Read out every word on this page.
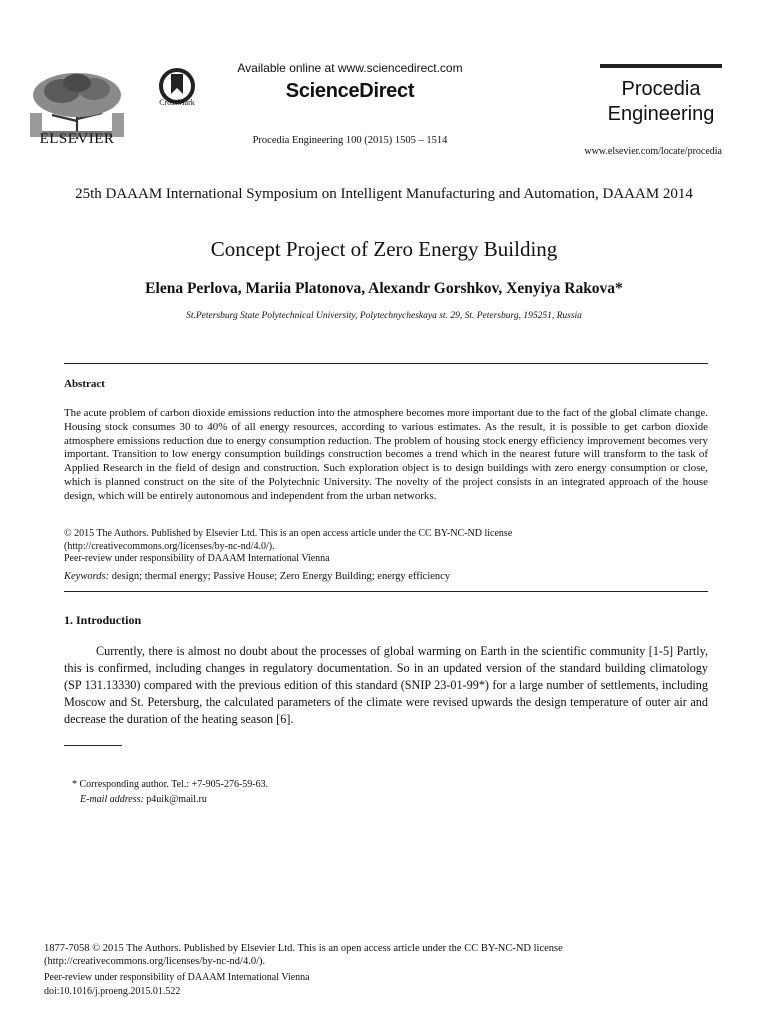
ELSEVIER
CrossMark
Available online at www.sciencedirect.com
ScienceDirect
Procedia Engineering 100 (2015) 1505 – 1514
Procedia
Engineering
www.elsevier.com/locate/procedia
25th DAAAM International Symposium on Intelligent Manufacturing and Automation, DAAAM 2014
Concept Project of Zero Energy Building
Elena Perlova, Mariia Platonova, Alexandr Gorshkov, Xenyiya Rakova*
St.Petersburg State Polytechnical University, Polytechnycheskaya st. 29, St. Petersburg, 195251, Russia
Abstract

The acute problem of carbon dioxide emissions reduction into the atmosphere becomes more important due to the fact of the global climate change. Housing stock consumes 30 to 40% of all energy resources, according to various estimates. As the result, it is possible to get carbon dioxide atmosphere emissions reduction due to energy consumption reduction. The problem of housing stock energy efficiency improvement becomes very important. Transition to low energy consumption buildings construction becomes a trend which in the nearest future will transform to the task of Applied Research in the field of design and construction. Such exploration object is to design buildings with zero energy consumption or close, which is planned construct on the site of the Polytechnic University. The novelty of the project consists in an integrated approach of the house design, which will be entirely autonomous and independent from the urban networks.

© 2015 The Authors. Published by Elsevier Ltd. This is an open access article under the CC BY-NC-ND license
(http://creativecommons.org/licenses/by-nc-nd/4.0/).
Peer-review under responsibility of DAAAM International Vienna
Keywords: design; thermal energy; Passive House; Zero Energy Building; energy efficiency
1. Introduction

Currently, there is almost no doubt about the processes of global warming on Earth in the scientific community [1-5] Partly, this is confirmed, including changes in regulatory documentation. So in an updated version of the standard building climatology (SP 131.13330) compared with the previous edition of this standard (SNIP 23-01-99*) for a large number of settlements, including Moscow and St. Petersburg, the calculated parameters of the climate were revised upwards the design temperature of outer air and decrease the duration of the heating season [6].

* Corresponding author. Tel.: +7-905-276-59-63.
E-mail address: p4uik@mail.ru
1877-7058 © 2015 The Authors. Published by Elsevier Ltd. This is an open access article under the CC BY-NC-ND license
(http://creativecommons.org/licenses/by-nc-nd/4.0/).
Peer-review under responsibility of DAAAM International Vienna
doi:10.1016/j.proeng.2015.01.522
